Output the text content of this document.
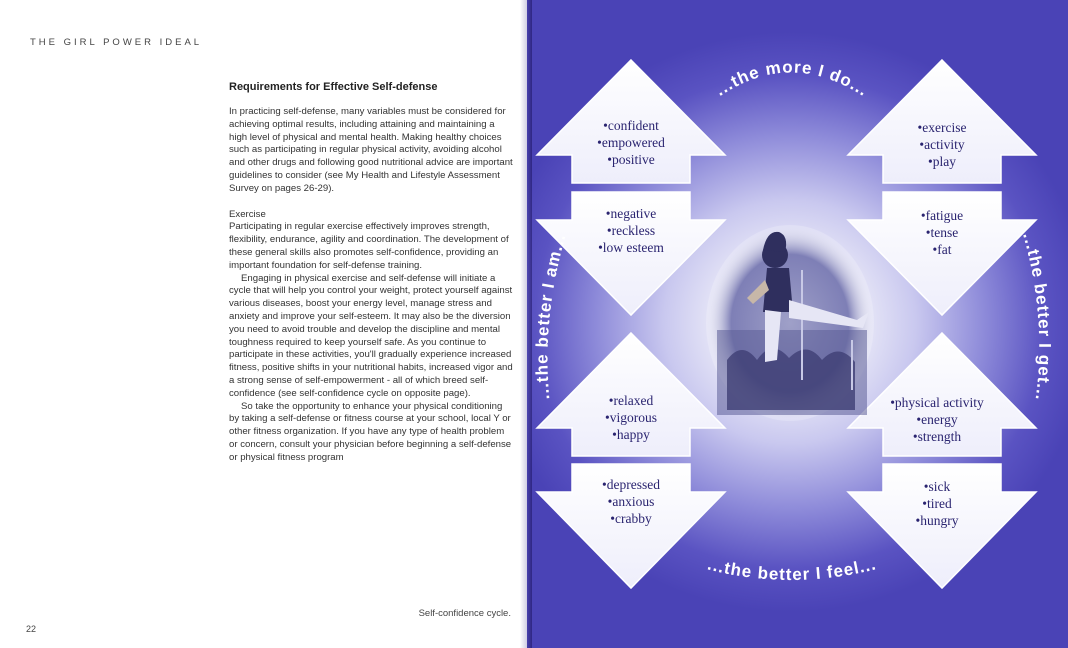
THE GIRL POWER IDEAL
Requirements for Effective Self-defense

In practicing self-defense, many variables must be considered for achieving optimal results, including attaining and maintaining a high level of physical and mental health. Making healthy choices such as participating in regular physical activity, avoiding alcohol and other drugs and following good nutritional advice are important guidelines to consider (see My Health and Lifestyle Assessment Survey on pages 26-29).

Exercise

Participating in regular exercise effectively improves strength, flexibility, endurance, agility and coordination. The development of these general skills also promotes self-confidence, providing an important foundation for self-defense training.

Engaging in physical exercise and self-defense will initiate a cycle that will help you control your weight, protect yourself against various diseases, boost your energy level, manage stress and anxiety and improve your self-esteem. It may also be the diversion you need to avoid trouble and develop the discipline and mental toughness required to keep yourself safe. As you continue to participate in these activities, you'll gradually experience increased fitness, positive shifts in your nutritional habits, increased vigor and a strong sense of self-empowerment - all of which breed self-confidence (see self-confidence cycle on opposite page).

So take the opportunity to enhance your physical conditioning by taking a self-defense or fitness course at your school, local Y or other fitness organization. If you have any type of health problem or concern, consult your physician before beginning a self-defense or physical fitness program

Self-confidence cycle.
22
•confident
•empowered
•positive
•negative
•reckless
•low esteem
•exercise
•activity
•play
•fatigue
•tense
•fat
•relaxed
•vigorous
•happy
•depressed
•anxious
•crabby
•physical activity
•energy
•strength
•sick
•tired
•hungry
...the more I do...
...the better I feel...
...the better I am...	...the better I get...
